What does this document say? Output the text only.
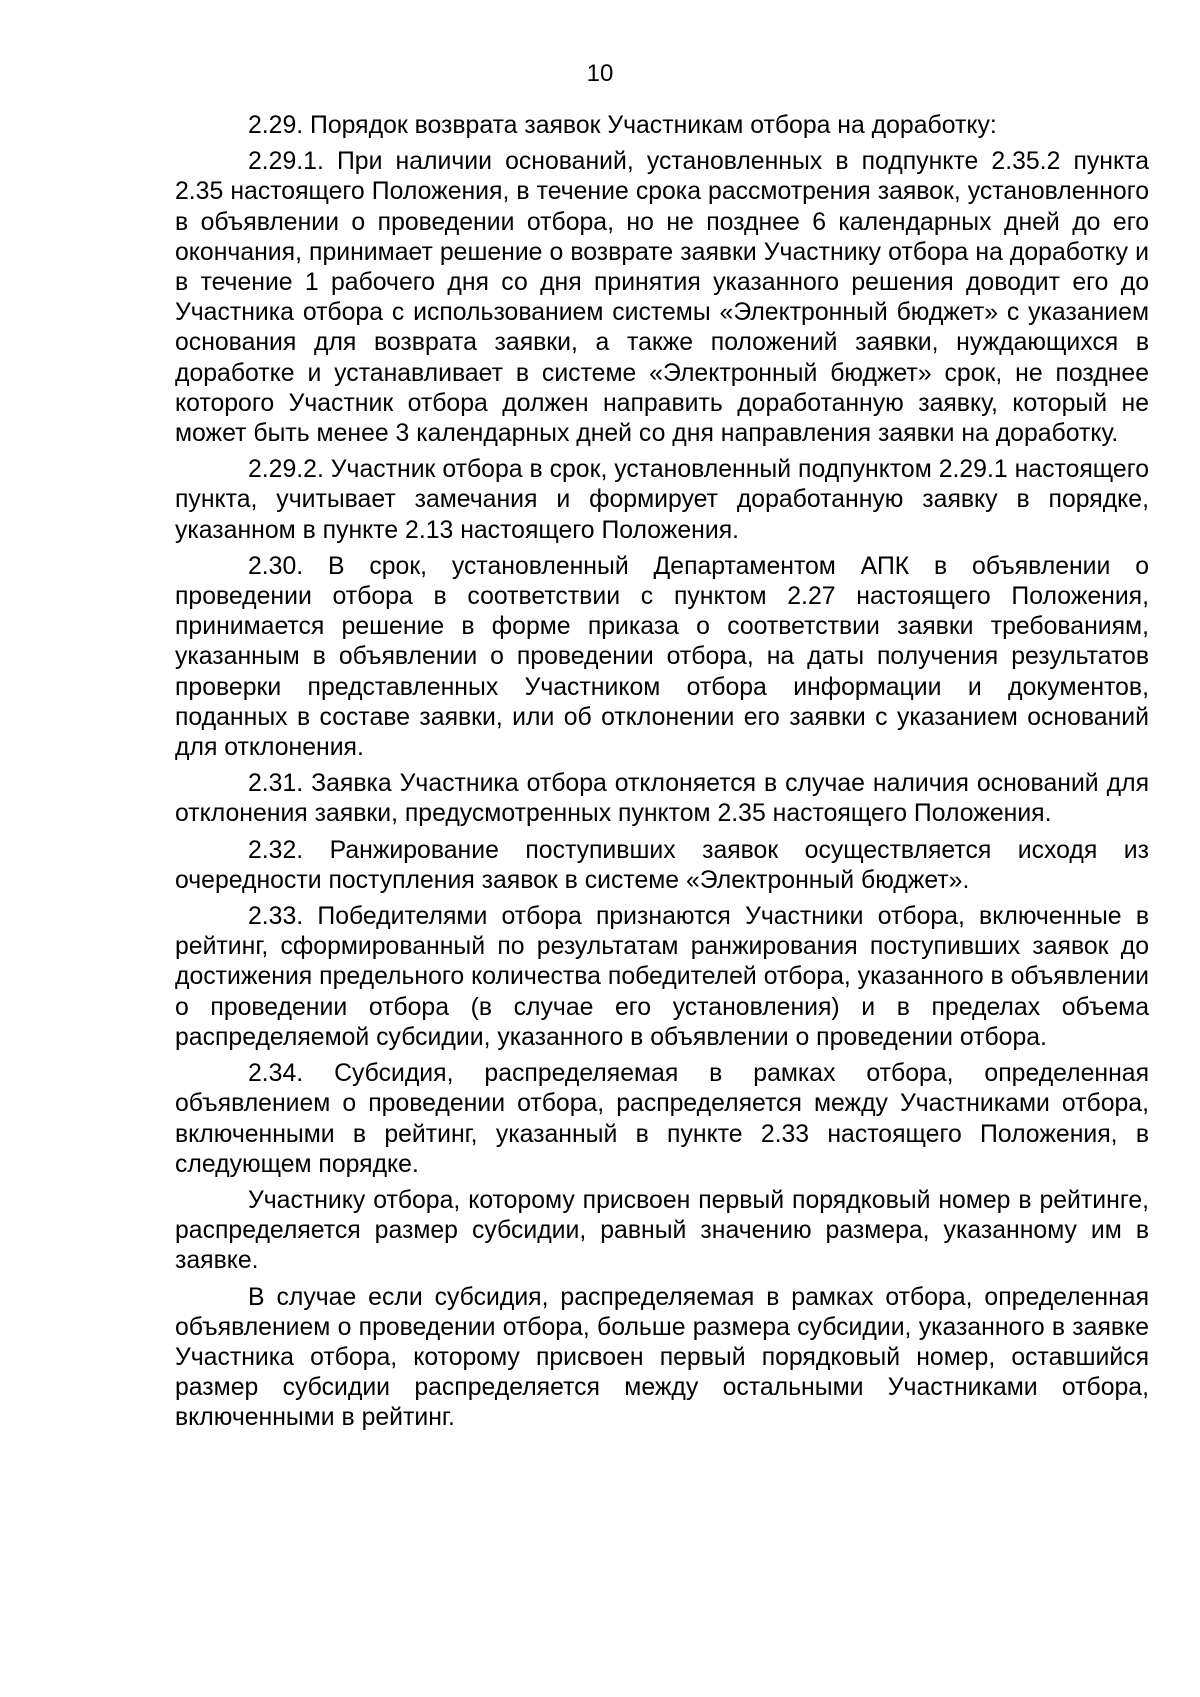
10

2.29. Порядок возврата заявок Участникам отбора на доработку:

2.29.1. При наличии оснований, установленных в подпункте 2.35.2 пункта 2.35 настоящего Положения, в течение срока рассмотрения заявок, установленного в объявлении о проведении отбора, но не позднее 6 календарных дней до его окончания, принимает решение о возврате заявки Участнику отбора на доработку и в течение 1 рабочего дня со дня принятия указанного решения доводит его до Участника отбора с использованием системы «Электронный бюджет» с указанием основания для возврата заявки, а также положений заявки, нуждающихся в доработке и устанавливает в системе «Электронный бюджет» срок, не позднее которого Участник отбора должен направить доработанную заявку, который не может быть менее 3 календарных дней со дня направления заявки на доработку.

2.29.2. Участник отбора в срок, установленный подпунктом 2.29.1 настоящего пункта, учитывает замечания и формирует доработанную заявку в порядке, указанном в пункте 2.13 настоящего Положения.

2.30. В срок, установленный Департаментом АПК в объявлении о проведении отбора в соответствии с пунктом 2.27 настоящего Положения, принимается решение в форме приказа о соответствии заявки требованиям, указанным в объявлении о проведении отбора, на даты получения результатов проверки представленных Участником отбора информации и документов, поданных в составе заявки, или об отклонении его заявки с указанием оснований для отклонения.

2.31. Заявка Участника отбора отклоняется в случае наличия оснований для отклонения заявки, предусмотренных пунктом 2.35 настоящего Положения.

2.32. Ранжирование поступивших заявок осуществляется исходя из очередности поступления заявок в системе «Электронный бюджет».

2.33. Победителями отбора признаются Участники отбора, включенные в рейтинг, сформированный по результатам ранжирования поступивших заявок до достижения предельного количества победителей отбора, указанного в объявлении о проведении отбора (в случае его установления) и в пределах объема распределяемой субсидии, указанного в объявлении о проведении отбора.

2.34. Субсидия, распределяемая в рамках отбора, определенная объявлением о проведении отбора, распределяется между Участниками отбора, включенными в рейтинг, указанный в пункте 2.33 настоящего Положения, в следующем порядке.

Участнику отбора, которому присвоен первый порядковый номер в рейтинге, распределяется размер субсидии, равный значению размера, указанному им в заявке.

В случае если субсидия, распределяемая в рамках отбора, определенная объявлением о проведении отбора, больше размера субсидии, указанного в заявке Участника отбора, которому присвоен первый порядковый номер, оставшийся размер субсидии распределяется между остальными Участниками отбора, включенными в рейтинг.
